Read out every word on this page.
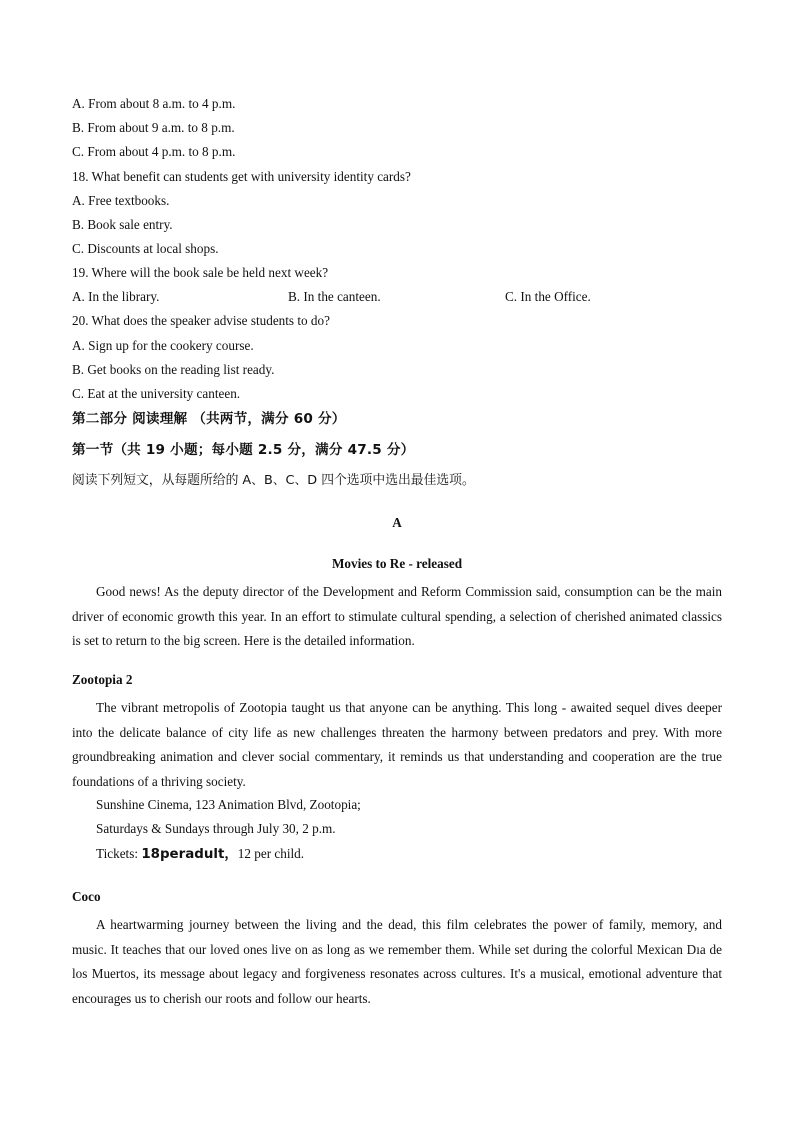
A. From about 8 a.m. to 4 p.m.
B. From about 9 a.m. to 8 p.m.
C. From about 4 p.m. to 8 p.m.
18. What benefit can students get with university identity cards?
A. Free textbooks.
B. Book sale entry.
C. Discounts at local shops.
19. Where will the book sale be held next week?
A. In the library.	B. In the canteen.	C. In the Office.
20. What does the speaker advise students to do?
A. Sign up for the cookery course.
B. Get books on the reading list ready.
C. Eat at the university canteen.
第二部分 阅读理解 （共两节，满分 60 分）
第一节（共 19 小题；每小题 2.5 分，满分 47.5 分）
阅读下列短文，从每题所给的 A、B、C、D 四个选项中选出最佳选项。
A
Movies to Re - released
Good news! As the deputy director of the Development and Reform Commission said, consumption can be the main driver of economic growth this year. In an effort to stimulate cultural spending, a selection of cherished animated classics is set to return to the big screen. Here is the detailed information.
Zootopia 2
The vibrant metropolis of Zootopia taught us that anyone can be anything. This long - awaited sequel dives deeper into the delicate balance of city life as new challenges threaten the harmony between predators and prey. With more groundbreaking animation and clever social commentary, it reminds us that understanding and cooperation are the true foundations of a thriving society.
Sunshine Cinema, 123 Animation Blvd, Zootopia;
Saturdays & Sundays through July 30, 2 p.m.
Tickets: 18peradult，12 per child.
Coco
A heartwarming journey between the living and the dead, this film celebrates the power of family, memory, and music. It teaches that our loved ones live on as long as we remember them. While set during the colorful Mexican Dıa de los Muertos, its message about legacy and forgiveness resonates across cultures. It's a musical, emotional adventure that encourages us to cherish our roots and follow our hearts.
